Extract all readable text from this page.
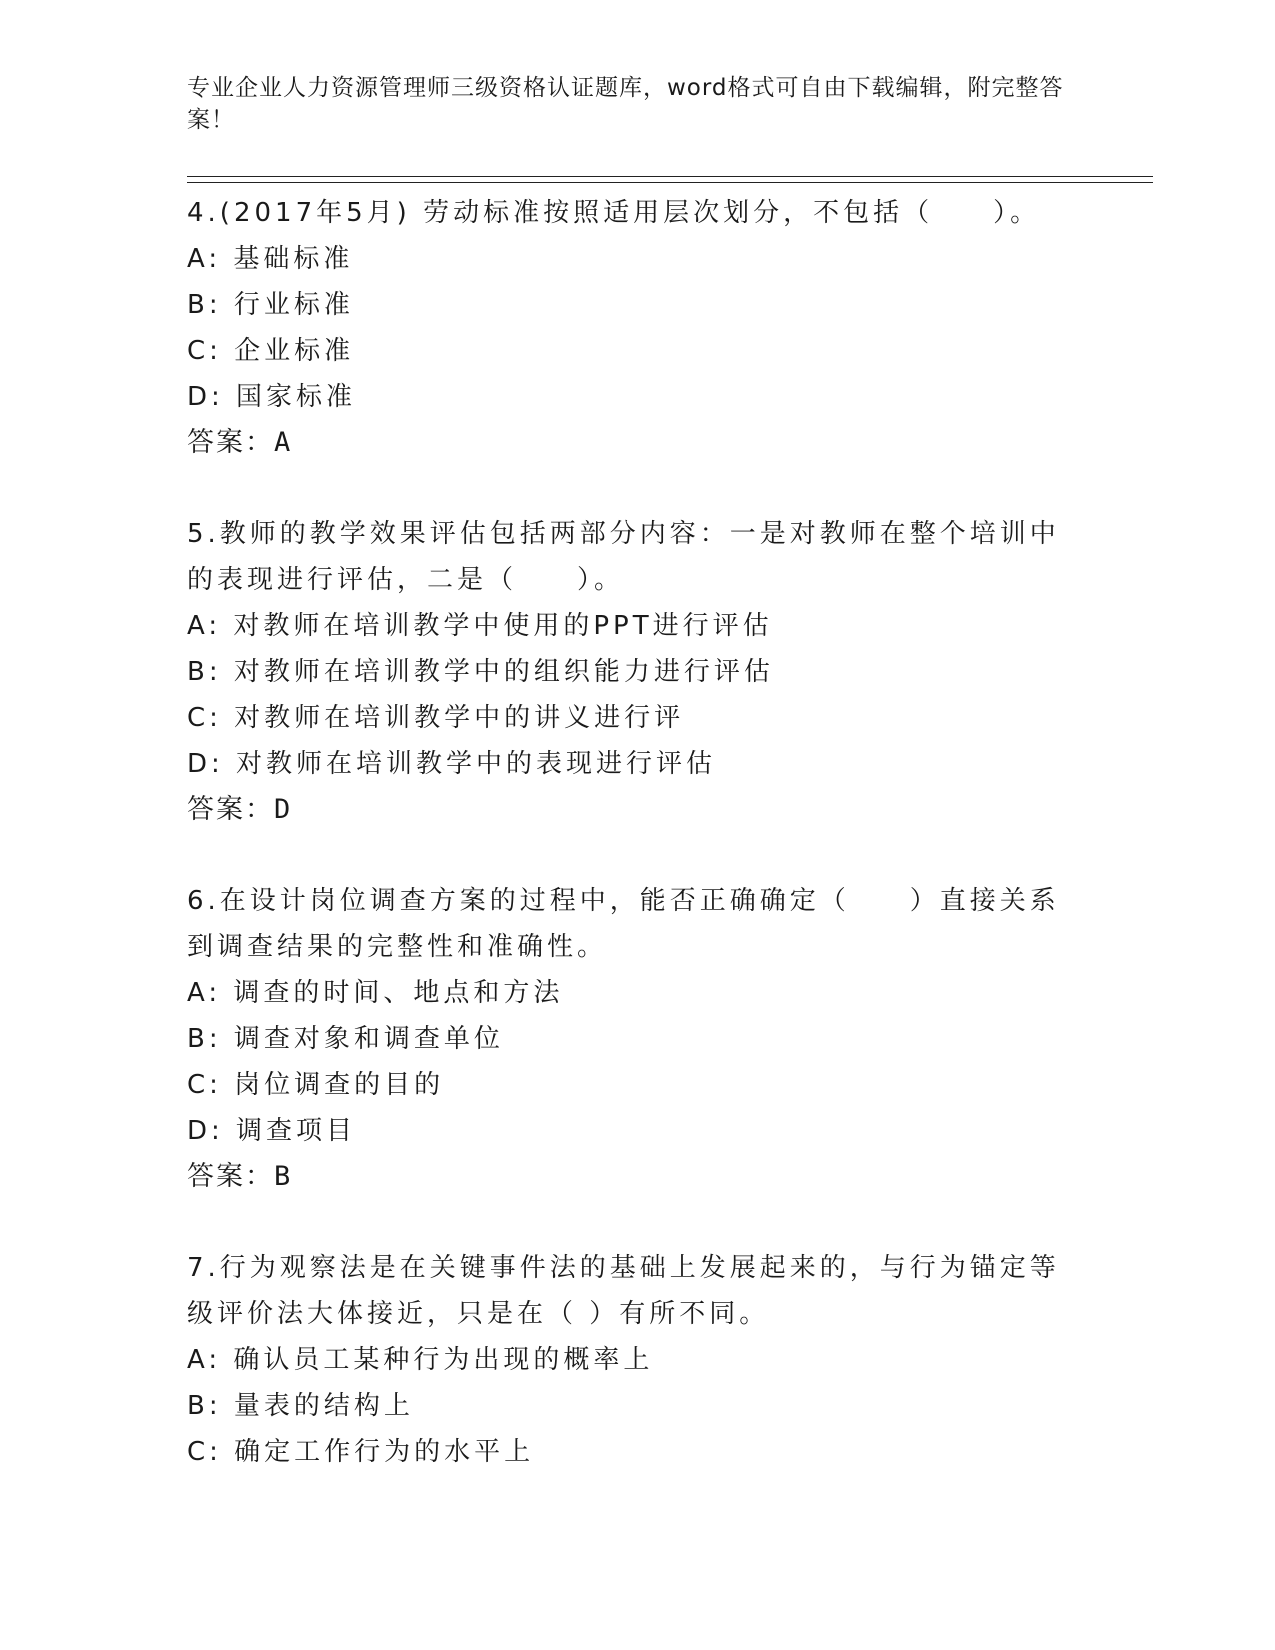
专业企业人力资源管理师三级资格认证题库，word格式可自由下载编辑，附完整答案！
4.(2017年5月) 劳动标准按照适用层次划分，不包括（　　）。
A: 基础标准
B: 行业标准
C: 企业标准
D: 国家标准
答案：A
5.教师的教学效果评估包括两部分内容：一是对教师在整个培训中的表现进行评估，二是（　　）。
A: 对教师在培训教学中使用的PPT进行评估
B: 对教师在培训教学中的组织能力进行评估
C: 对教师在培训教学中的讲义进行评
D: 对教师在培训教学中的表现进行评估
答案：D
6.在设计岗位调查方案的过程中，能否正确确定（　　）直接关系到调查结果的完整性和准确性。
A: 调查的时间、地点和方法
B: 调查对象和调查单位
C: 岗位调查的目的
D: 调查项目
答案：B
7.行为观察法是在关键事件法的基础上发展起来的，与行为锚定等级评价法大体接近，只是在（ ）有所不同。
A: 确认员工某种行为出现的概率上
B: 量表的结构上
C: 确定工作行为的水平上
